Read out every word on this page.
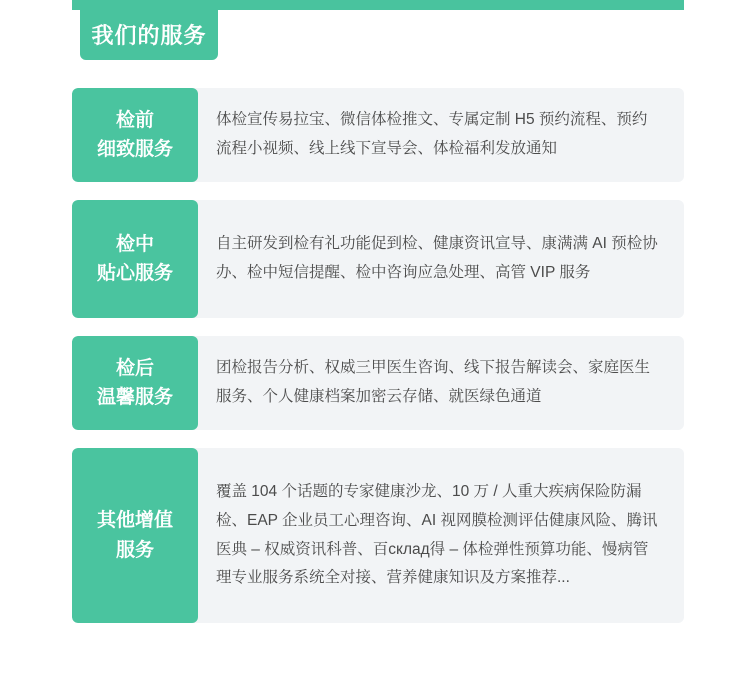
我们的服务
检前
细致服务

体检宣传易拉宝、微信体检推文、专属定制 H5 预约流程、预约流程小视频、线上线下宣导会、体检福利发放通知

检中
贴心服务

自主研发到检有礼功能促到检、健康资讯宣导、康满满 AI 预检协办、检中短信提醒、检中咨询应急处理、高管 VIP 服务

检后
温馨服务

团检报告分析、权威三甲医生咨询、线下报告解读会、家庭医生服务、个人健康档案加密云存储、就医绿色通道

其他增值
服务

覆盖 104 个话题的专家健康沙龙、10 万 / 人重大疾病保险防漏检、EAP 企业员工心理咨询、AI 视网膜检测评估健康风险、腾讯医典 – 权威资讯科普、百склад得 – 体检弹性预算功能、慢病管理专业服务系统全对接、营养健康知识及方案推荐...
